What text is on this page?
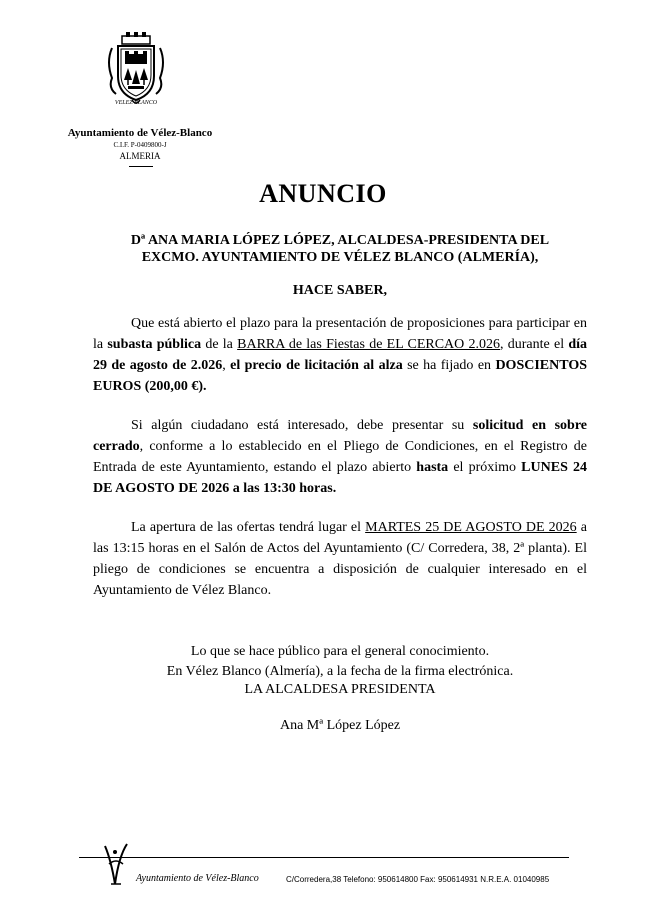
VELEZ BLANCO
Ayuntamiento de Vélez-Blanco
C.I.F. P-0409800-J
ALMERIA
ANUNCIO
Dª ANA MARIA LÓPEZ LÓPEZ, ALCALDESA-PRESIDENTA DEL
EXCMO. AYUNTAMIENTO DE VÉLEZ BLANCO (ALMERÍA),
HACE SABER,
Que está abierto el plazo para la presentación de proposiciones para participar en la subasta pública de la BARRA de las Fiestas de EL CERCAO 2.026, durante el día 29 de agosto de 2.026, el precio de licitación al alza se ha fijado en DOSCIENTOS EUROS (200,00 €).
Si algún ciudadano está interesado, debe presentar su solicitud en sobre cerrado, conforme a lo establecido en el Pliego de Condiciones, en el Registro de Entrada de este Ayuntamiento, estando el plazo abierto hasta el próximo LUNES 24 DE AGOSTO DE 2026 a las 13:30 horas.
La apertura de las ofertas tendrá lugar el MARTES 25 DE AGOSTO DE 2026 a las 13:15 horas en el Salón de Actos del Ayuntamiento (C/ Corredera, 38, 2ª planta). El pliego de condiciones se encuentra a disposición de cualquier interesado en el Ayuntamiento de Vélez Blanco.
Lo que se hace público para el general conocimiento.
En Vélez Blanco (Almería), a la fecha de la firma electrónica.
LA ALCALDESA PRESIDENTA
Ana Mª López López
Ayuntamiento de Vélez-Blanco	C/Corredera,38 Telefono: 950614800 Fax: 950614931 N.R.E.A. 01040985
